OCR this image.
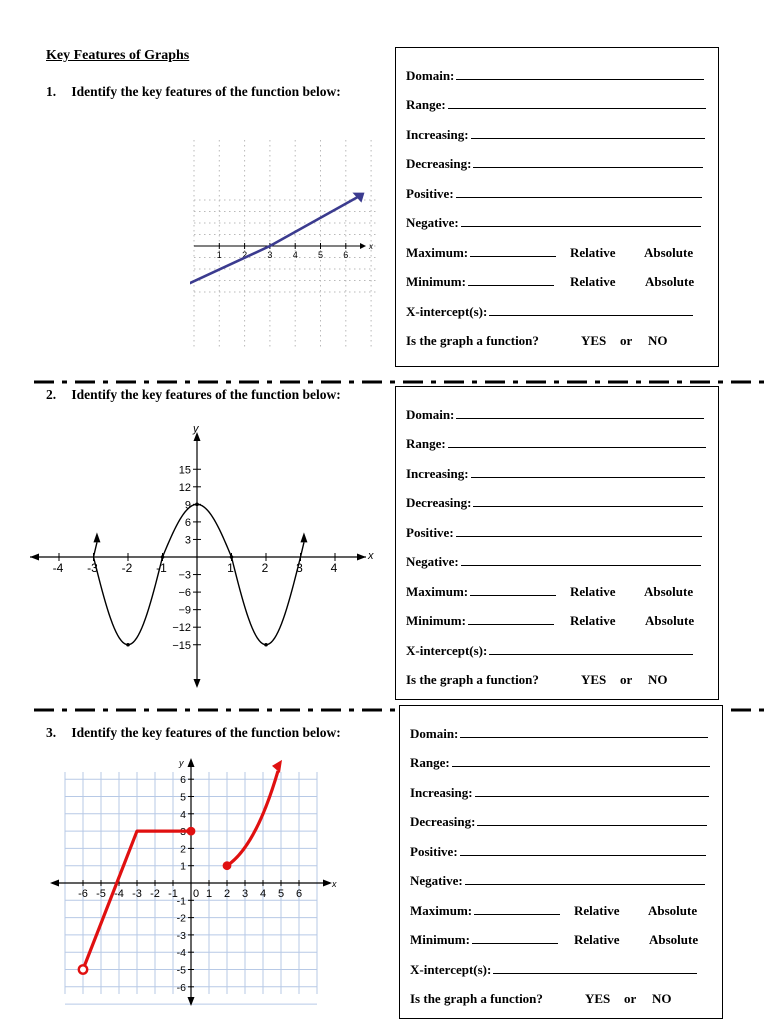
Key Features of Graphs
1. Identify the key features of the function below:
2. Identify the key features of the function below:
3. Identify the key features of the function below:
x
1 2 3 4 5 6
x
y
-4 -3 -2 -1	1 2 3 4
15
12
9
6
3
−3
−6
−9
−12
−15
x
y
-6 -5 -4 -3 -2 -1 0 1 2 3 4 5 6
6
5
4
3
2
1
-1
-2
-3
-4
-5
-6
Domain:
Range:
Increasing:
Decreasing:
Positive:
Negative:
Maximum:	Relative Absolute
Minimum:	Relative Absolute
X-intercept(s):
Is the graph a function?	YES or NO
Domain:
Range:
Increasing:
Decreasing:
Positive:
Negative:
Maximum:	Relative Absolute
Minimum:	Relative Absolute
X-intercept(s):
Is the graph a function?	YES or NO
Domain:
Range:
Increasing:
Decreasing:
Positive:
Negative:
Maximum:	Relative Absolute
Minimum:	Relative Absolute
X-intercept(s):
Is the graph a function?	YES or NO
